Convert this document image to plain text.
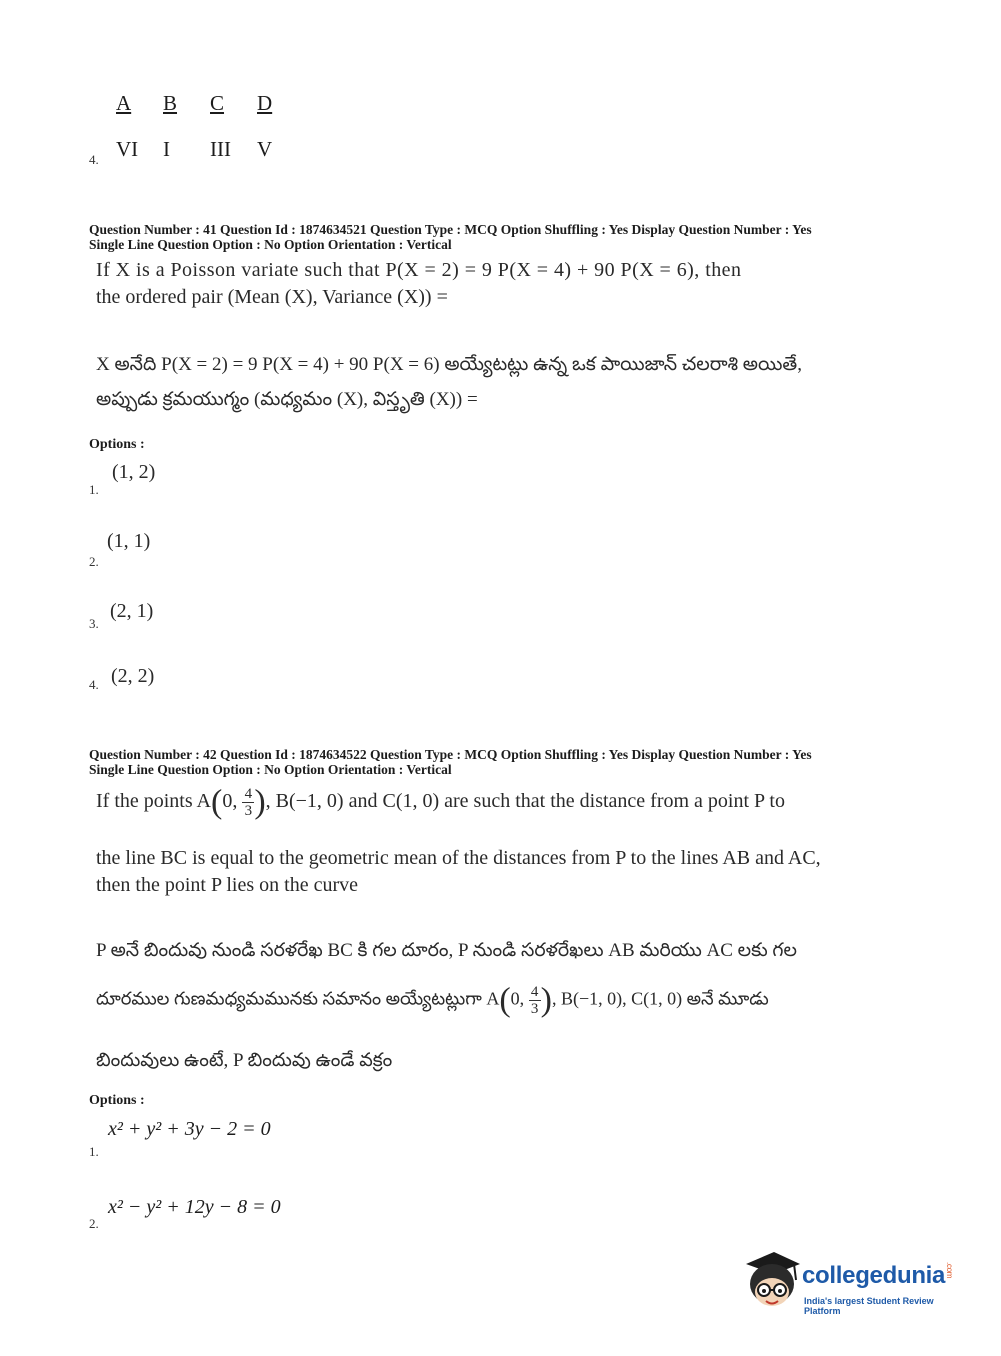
A B C D
VI I III V
4.
Question Number : 41 Question Id : 1874634521 Question Type : MCQ Option Shuffling : Yes Display Question Number : Yes
Single Line Question Option : No Option Orientation : Vertical
If X is a Poisson variate such that P(X = 2) = 9 P(X = 4) + 90 P(X = 6), then
the ordered pair (Mean (X), Variance (X)) =
X అనేది P(X = 2) = 9 P(X = 4) + 90 P(X = 6) అయ్యేటట్లు ఉన్న ఒక పాయిజాన్ చలరాశి అయితే,
అప్పుడు క్రమయుగ్మం (మధ్యమం (X), విస్తృతి (X)) =
Options :
(1, 2)
1.
(1, 1)
2.
(2, 1)
3.
(2, 2)
4.
Question Number : 42 Question Id : 1874634522 Question Type : MCQ Option Shuffling : Yes Display Question Number : Yes
Single Line Question Option : No Option Orientation : Vertical
If the points A(0, $\frac{4}{3}$ ), B(−1, 0) and C(1, 0) are such that the distance from a point P to
the line BC is equal to the geometric mean of the distances from P to the lines AB and AC,
then the point P lies on the curve
P అనే బిందువు నుండి సరళరేఖ BC కి గల దూరం, P నుండి సరళరేఖలు AB మరియు AC లకు గల
దూరముల గుణమధ్యమమునకు సమానం అయ్యేటట్లుగా A(0, $\frac{4}{3}$ ), B(−1, 0), C(1, 0) అనే మూడు
బిందువులు ఉంటే, P బిందువు ఉండే వక్రం
Options :
x² + y² + 3y − 2 = 0
1.
x² − y² + 12y − 8 = 0
2.
collegedunia.com
India's largest Student Review Platform
